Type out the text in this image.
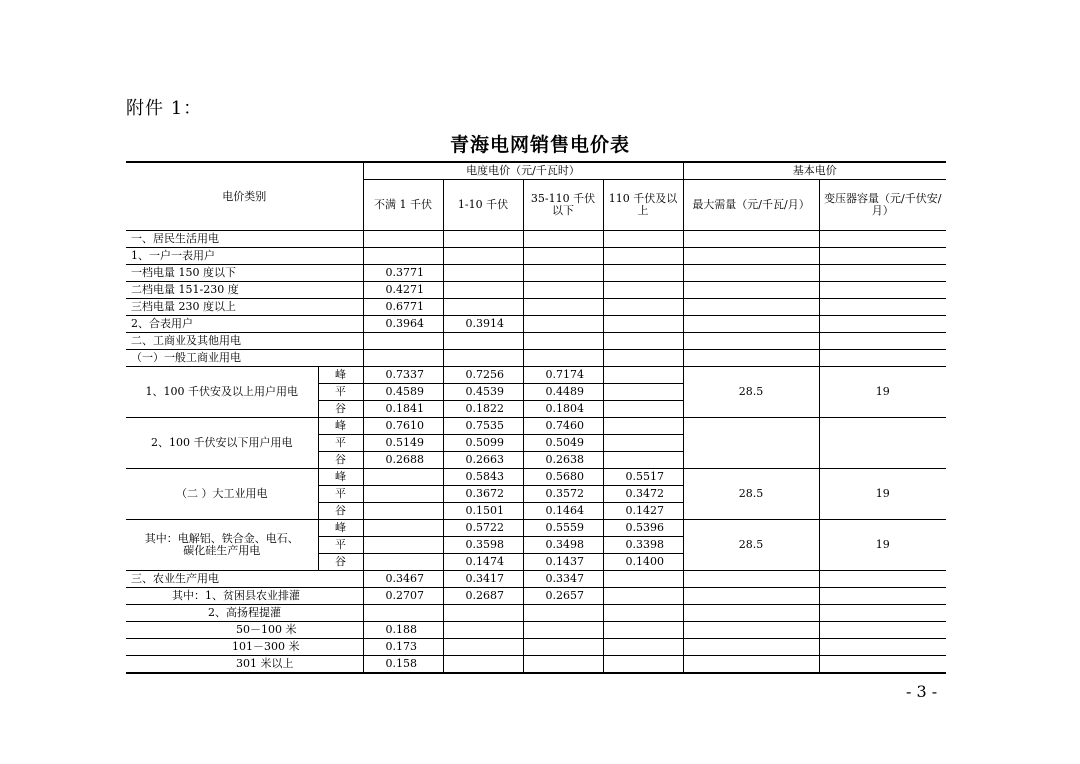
附件 1：
青海电网销售电价表
电价类别		电度电价（元/千瓦时）				基本电价	
		不满 1 千伏	1-10 千伏	35-110 千伏以下	110 千伏及以上	最大需量（元/千瓦/月）	变压器容量（元/千伏安/月）
一、居民生活用电							
1、一户一表用户							
一档电量 150 度以下		0.3771					
二档电量 151-230 度		0.4271					
三档电量 230 度以上		0.6771					
2、合表用户		0.3964	0.3914				
二、工商业及其他用电							
（一）一般工商业用电							
1、100 千伏安及以上用户用电	峰	0.7337	0.7256	0.7174		28.5	19
	平	0.4589	0.4539	0.4489			
	谷	0.1841	0.1822	0.1804			
2、100 千伏安以下用户用电	峰	0.7610	0.7535	0.7460			
	平	0.5149	0.5099	0.5049			
	谷	0.2688	0.2663	0.2638			
（二 ）大工业用电	峰		0.5843	0.5680	0.5517	28.5	19
	平		0.3672	0.3572	0.3472		
	谷		0.1501	0.1464	0.1427		
其中：电解铝、铁合金、电石、碳化硅生产用电	峰		0.5722	0.5559	0.5396	28.5	19
	平		0.3598	0.3498	0.3398		
	谷		0.1474	0.1437	0.1400		
三、农业生产用电		0.3467	0.3417	0.3347			
其中：1、贫困县农业排灌		0.2707	0.2687	0.2657			
2、高扬程提灌							
50－100 米		0.188					
101－300 米		0.173					
301 米以上		0.158					
- 3 -
